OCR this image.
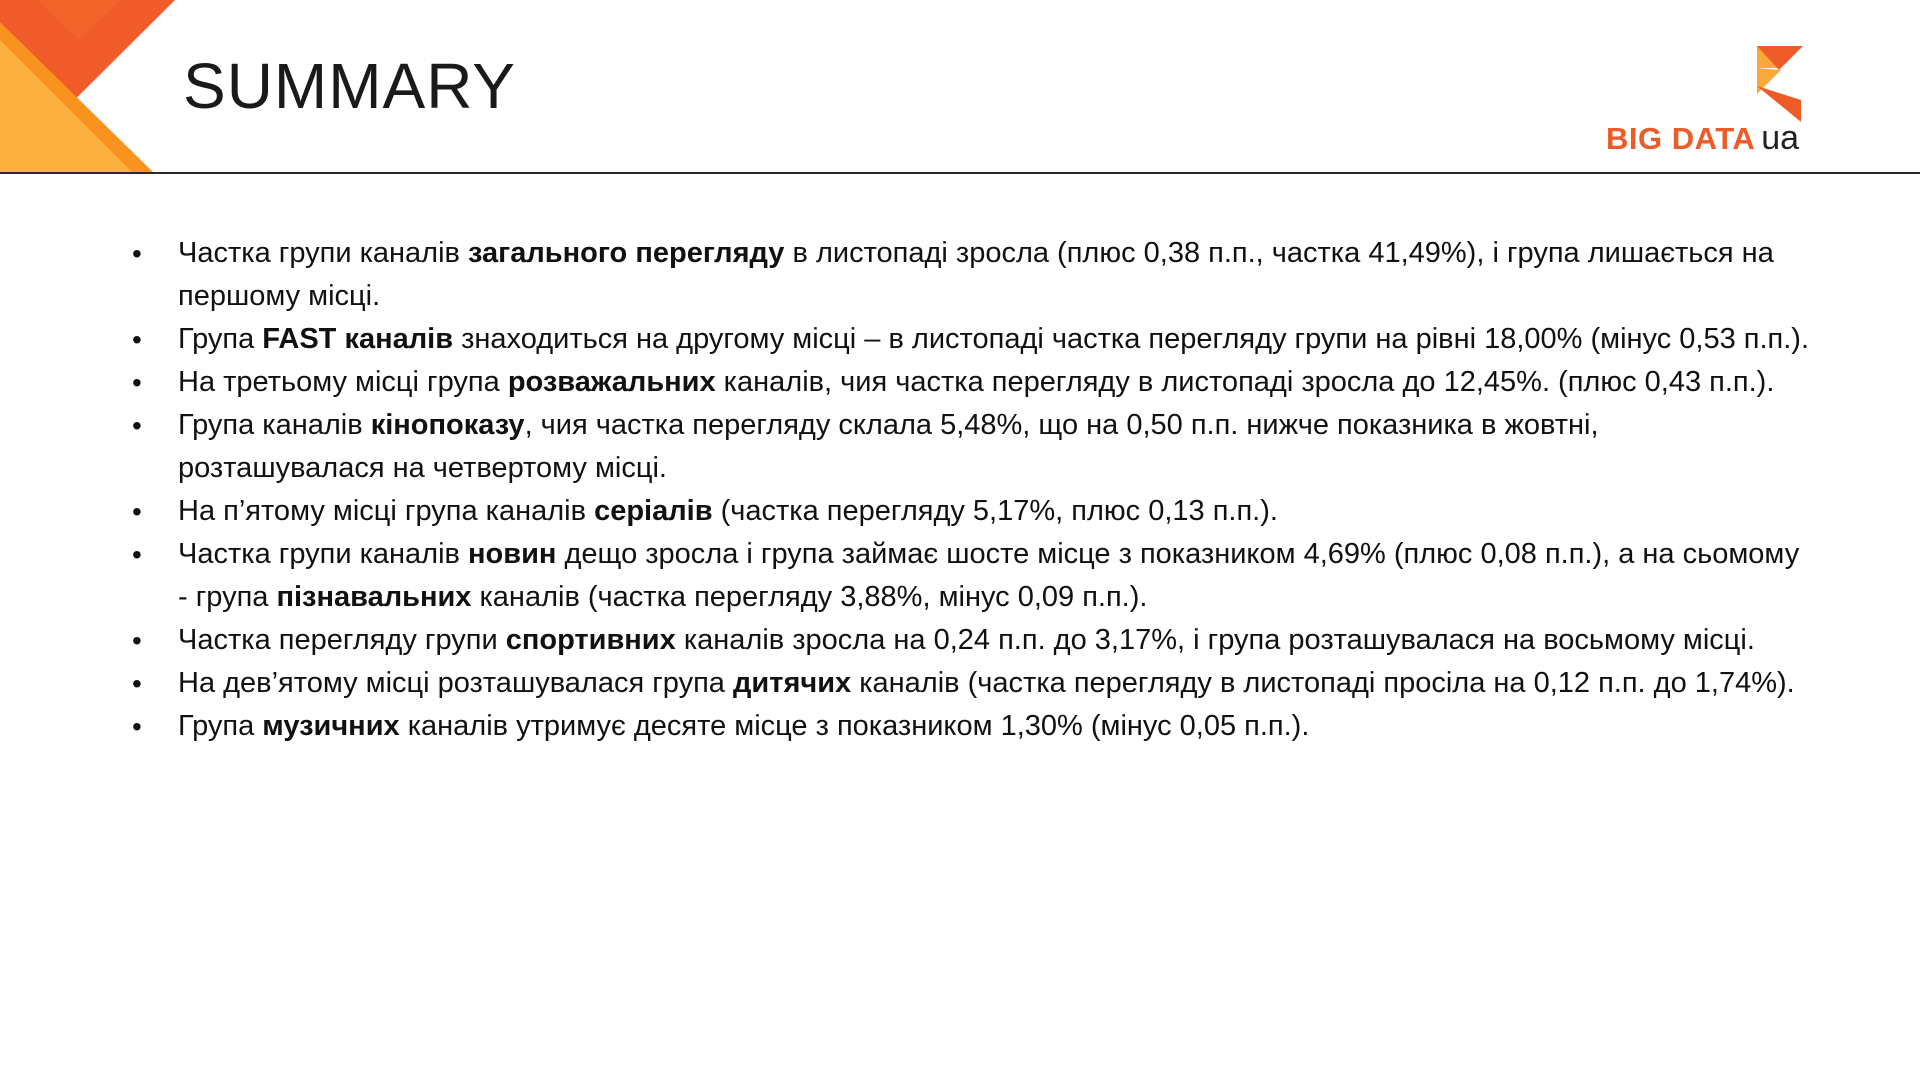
SUMMARY
BIG DATA ua
• Частка групи каналів загального перегляду в листопаді зросла (плюс 0,38 п.п., частка 41,49%), і група лишається на першому місці.
• Група FAST каналів знаходиться на другому місці – в листопаді частка перегляду групи на рівні 18,00% (мінус 0,53 п.п.).
• На третьому місці група розважальних каналів, чия частка перегляду в листопаді зросла до 12,45%. (плюс 0,43 п.п.).
• Група каналів кінопоказу, чия частка перегляду склала 5,48%, що на 0,50 п.п. нижче показника в жовтні, розташувалася на четвертому місці.
• На п’ятому місці група каналів серіалів (частка перегляду 5,17%, плюс 0,13 п.п.).
• Частка групи каналів новин дещо зросла і група займає шосте місце з показником 4,69% (плюс 0,08 п.п.), а на сьомому - група пізнавальних каналів (частка перегляду 3,88%, мінус 0,09 п.п.).
• Частка перегляду групи спортивних каналів зросла на 0,24 п.п. до 3,17%, і група розташувалася на восьмому місці.
• На дев’ятому місці розташувалася група дитячих каналів (частка перегляду в листопаді просіла на 0,12 п.п. до 1,74%).
• Група музичних каналів утримує десяте місце з показником 1,30% (мінус 0,05 п.п.).
